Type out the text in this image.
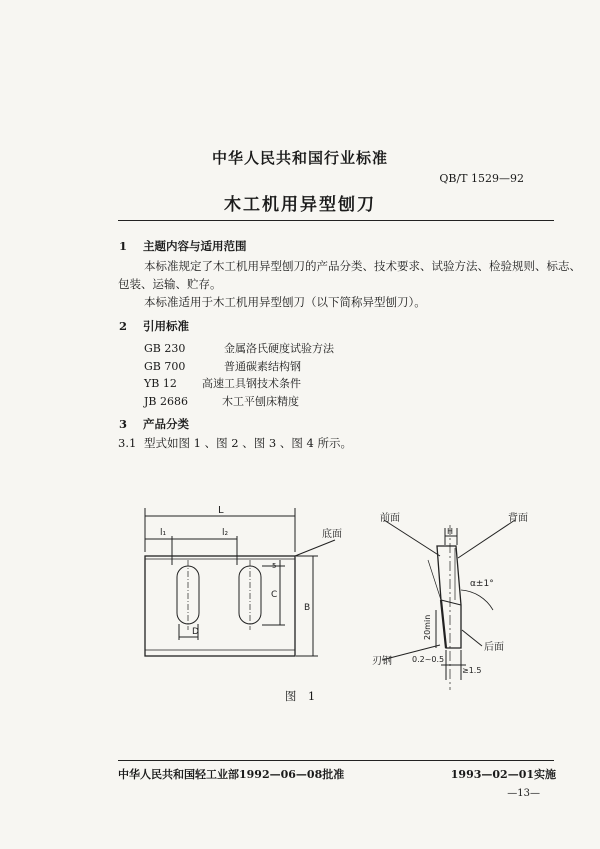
中华人民共和国行业标准
QB/T 1529—92
木工机用异型刨刀
1 主题内容与适用范围
本标准规定了木工机用异型刨刀的产品分类、技术要求、试验方法、检验规则、标志、
包装、运输、贮存。
本标准适用于木工机用异型刨刀（以下简称异型刨刀）。
2 引用标准
GB 230	金属洛氏硬度试验方法
GB 700	普通碳素结构钢
YB 12 高速工具钢技术条件
JB 2686	木工平刨床精度
3 产品分类
3.1 型式如图 1 、图 2 、图 3 、图 4 所示。
L
l₁	l₂	底面
5
C
B
D
前面	背面
H
α±1°
20min
后面
刃钢	0.2~0.5
≥1.5
图　1
中华人民共和国轻工业部1992—06—08批准	1993—02—01实施
—13—
